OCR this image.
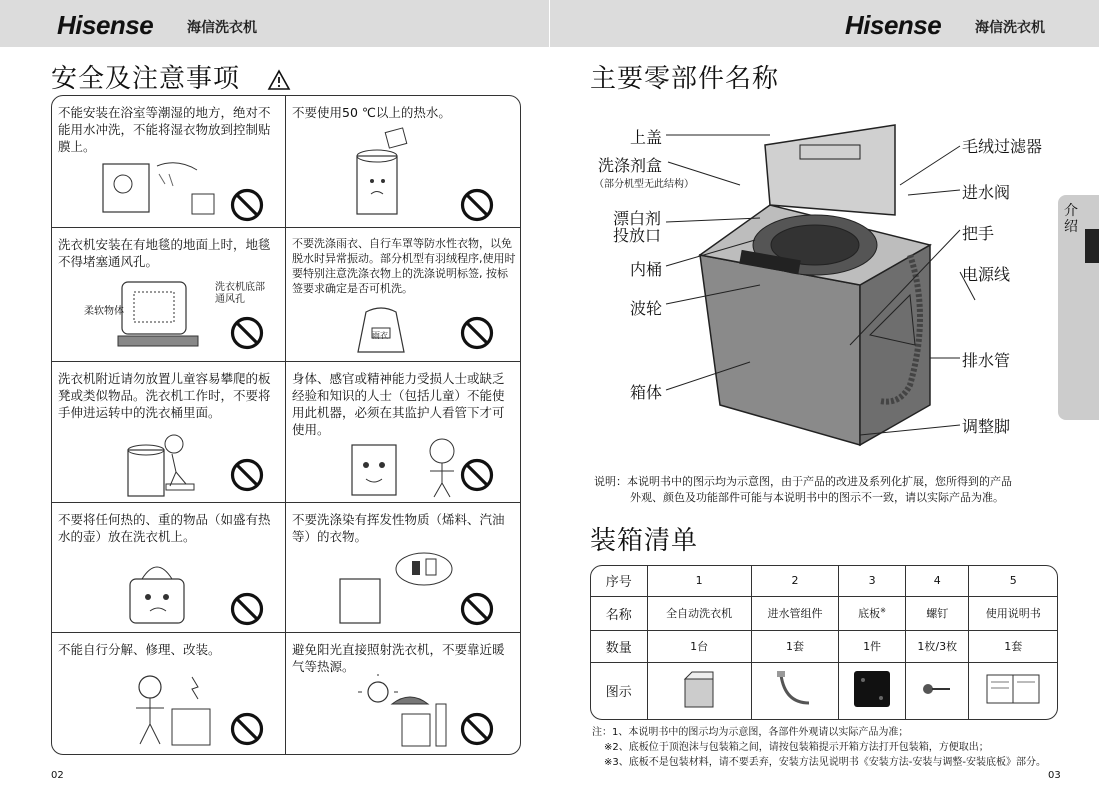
Hisense 海信洗衣机	Hisense 海信洗衣机
安全及注意事项
不能安装在浴室等潮湿的地方，绝对不能用水冲洗，不能将湿衣物放到控制贴膜上。
不要使用50 ℃以上的热水。
洗衣机安装在有地毯的地面上时，地毯不得堵塞通风孔。
不要洗涤雨衣、自行车罩等防水性衣物，以免脱水时异常振动。部分机型有羽绒程序,使用时要特别注意洗涤衣物上的洗涤说明标签, 按标签要求确定是否可机洗。
洗衣机附近请勿放置儿童容易攀爬的板凳或类似物品。洗衣机工作时，不要将手伸进运转中的洗衣桶里面。
身体、感官或精神能力受损人士或缺乏经验和知识的人士（包括儿童）不能使用此机器，必须在其监护人看管下才可使用。
不要将任何热的、重的物品（如盛有热水的壶）放在洗衣机上。
不要洗涤染有挥发性物质（烯料、汽油等）的衣物。
不能自行分解、修理、改装。	避免阳光直接照射洗衣机，不要靠近暖气等热源。
柔软物体
洗衣机底部通风孔
雨衣
02
主要零部件名称
上盖
洗涤剂盒
（部分机型无此结构）
漂白剂
投放口
内桶
波轮
箱体
毛绒过滤器
进水阀
把手
电源线
排水管
调整脚
说明：本说明书中的图示均为示意图，由于产品的改进及系列化扩展，您所得到的产品
外观、颜色及功能部件可能与本说明书中的图示不一致，请以实际产品为准。
装箱清单
序号	1	2	3	4	5
名称	全自动洗衣机	进水管组件	底板※	螺钉	使用说明书
数量	1台	1套	1件	1枚/3枚	1套
图示					
注：1、本说明书中的图示均为示意图，各部件外观请以实际产品为准；
※2、底板位于顶泡沫与包装箱之间，请按包装箱提示开箱方法打开包装箱，方便取出；
※3、底板不是包装材料，请不要丢弃，安装方法见说明书《安装方法-安装与调整-安装底板》部分。
03
介绍
